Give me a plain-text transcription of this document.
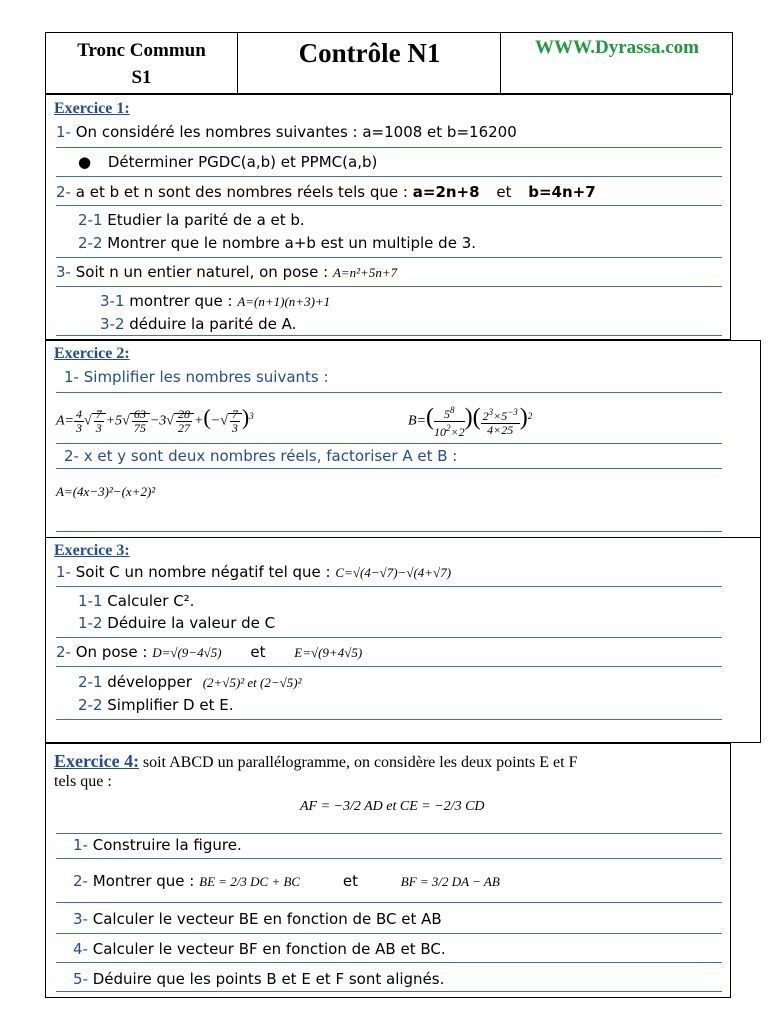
Tronc Commun
S1
Contrôle N1	WWW.Dyrassa.com
Exercice 1:
1- On considéré les nombres suivantes : a=1008 et b=16200
● Déterminer PGDC(a,b) et PPMC(a,b)
2- a et b et n sont des nombres réels tels que : a=2n+8 et b=4n+7
2-1 Etudier la parité de a et b.
2-2 Montrer que le nombre a+b est un multiple de 3.
3- Soit n un entier naturel, on pose : A=n²+5n+7
3-1 montrer que : A=(n+1)(n+3)+1
3-2 déduire la parité de A.
Exercice 2:
1- Simplifier les nombres suivants :
$A= \frac{4}{3}$ √ $\frac{7}{3} +5√ \frac{63}{75} -3√ \frac{28}{27}$ +(−√ $\frac{7}{3} )^3$	$B=( \frac{5^8}{10^2\times 2}$ )( $\frac{2^3\times 5^{-3}}{4\times 25} )^2$
2- x et y sont deux nombres réels, factoriser A et B :
A=(4x−3)²−(x+2)²
Exercice 3:
1- Soit C un nombre négatif tel que : C=√(4−√7)−√(4+√7)
1-1 Calculer C².
1-2 Déduire la valeur de C
2- On pose : D=√(9−4√5) et E=√(9+4√5)
2-1 développer (2+√5)² et (2−√5)²
2-2 Simplifier D et E.
Exercice 4: soit ABCD un parallélogramme, on considère les deux points E et F
tels que :
AF = −3/2 AD et CE = −2/3 CD
1- Construire la figure.
2- Montrer que : BE = 2/3 DC + BC	et	BF = 3/2 DA − AB
3- Calculer le vecteur BE en fonction de BC et AB
4- Calculer le vecteur BF en fonction de AB et BC.
5- Déduire que les points B et E et F sont alignés.
